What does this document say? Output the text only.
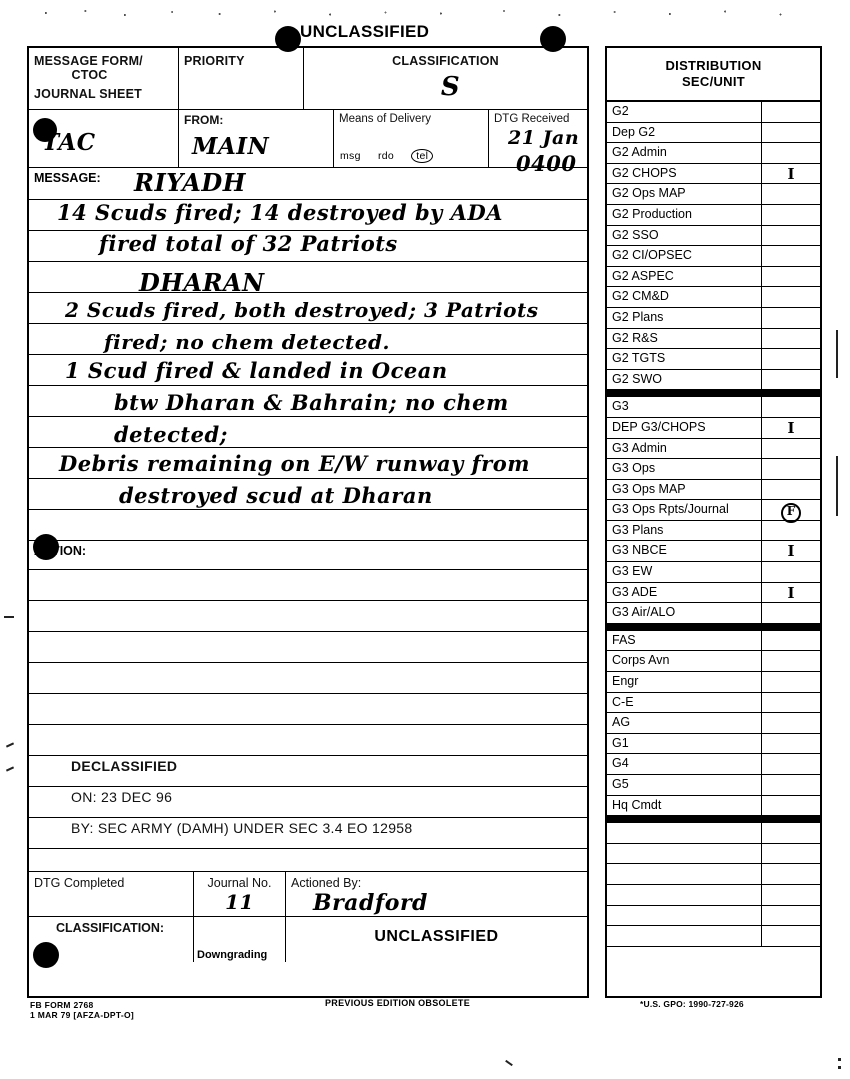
UNCLASSIFIED
MESSAGE FORM/
CTOC
JOURNAL SHEET
PRIORITY	CLASSIFICATION
S
TAC
FROM:
MAIN
Means of Delivery
msg rdo tel
DTG Received
21 Jan
0400
MESSAGE: RIYADH
14 Scuds fired; 14 destroyed by ADA
fired total of 32 Patriots
DHARAN
2 Scuds fired, both destroyed; 3 Patriots
fired; no chem detected.
1 Scud fired & landed in Ocean
btw Dharan & Bahrain; no chem
detected;
Debris remaining on E/W runway from
destroyed scud at Dharan
ACTION:
DECLASSIFIED
ON: 23 DEC 96
BY: SEC ARMY (DAMH) UNDER SEC 3.4 EO 12958
DTG Completed	Journal No.
11
Actioned By:
Bradford
CLASSIFICATION:
Downgrading
UNCLASSIFIED
DISTRIBUTION
SEC/UNIT
G2
Dep G2
G2 Admin
G2 CHOPS	I
G2 Ops MAP
G2 Production
G2 SSO
G2 CI/OPSEC
G2 ASPEC
G2 CM&D
G2 Plans
G2 R&S
G2 TGTS
G2 SWO
G3
DEP G3/CHOPS	I
G3 Admin
G3 Ops
G3 Ops MAP
G3 Ops Rpts/Journal	F
G3 Plans
G3 NBCE	I
G3 EW
G3 ADE	I
G3 Air/ALO
FAS
Corps Avn
Engr
C-E
AG
G1
G4
G5
Hq Cmdt
FB FORM 2768
1 MAR 79 [AFZA-DPT-O]
PREVIOUS EDITION OBSOLETE	*U.S. GPO: 1990-727-926
